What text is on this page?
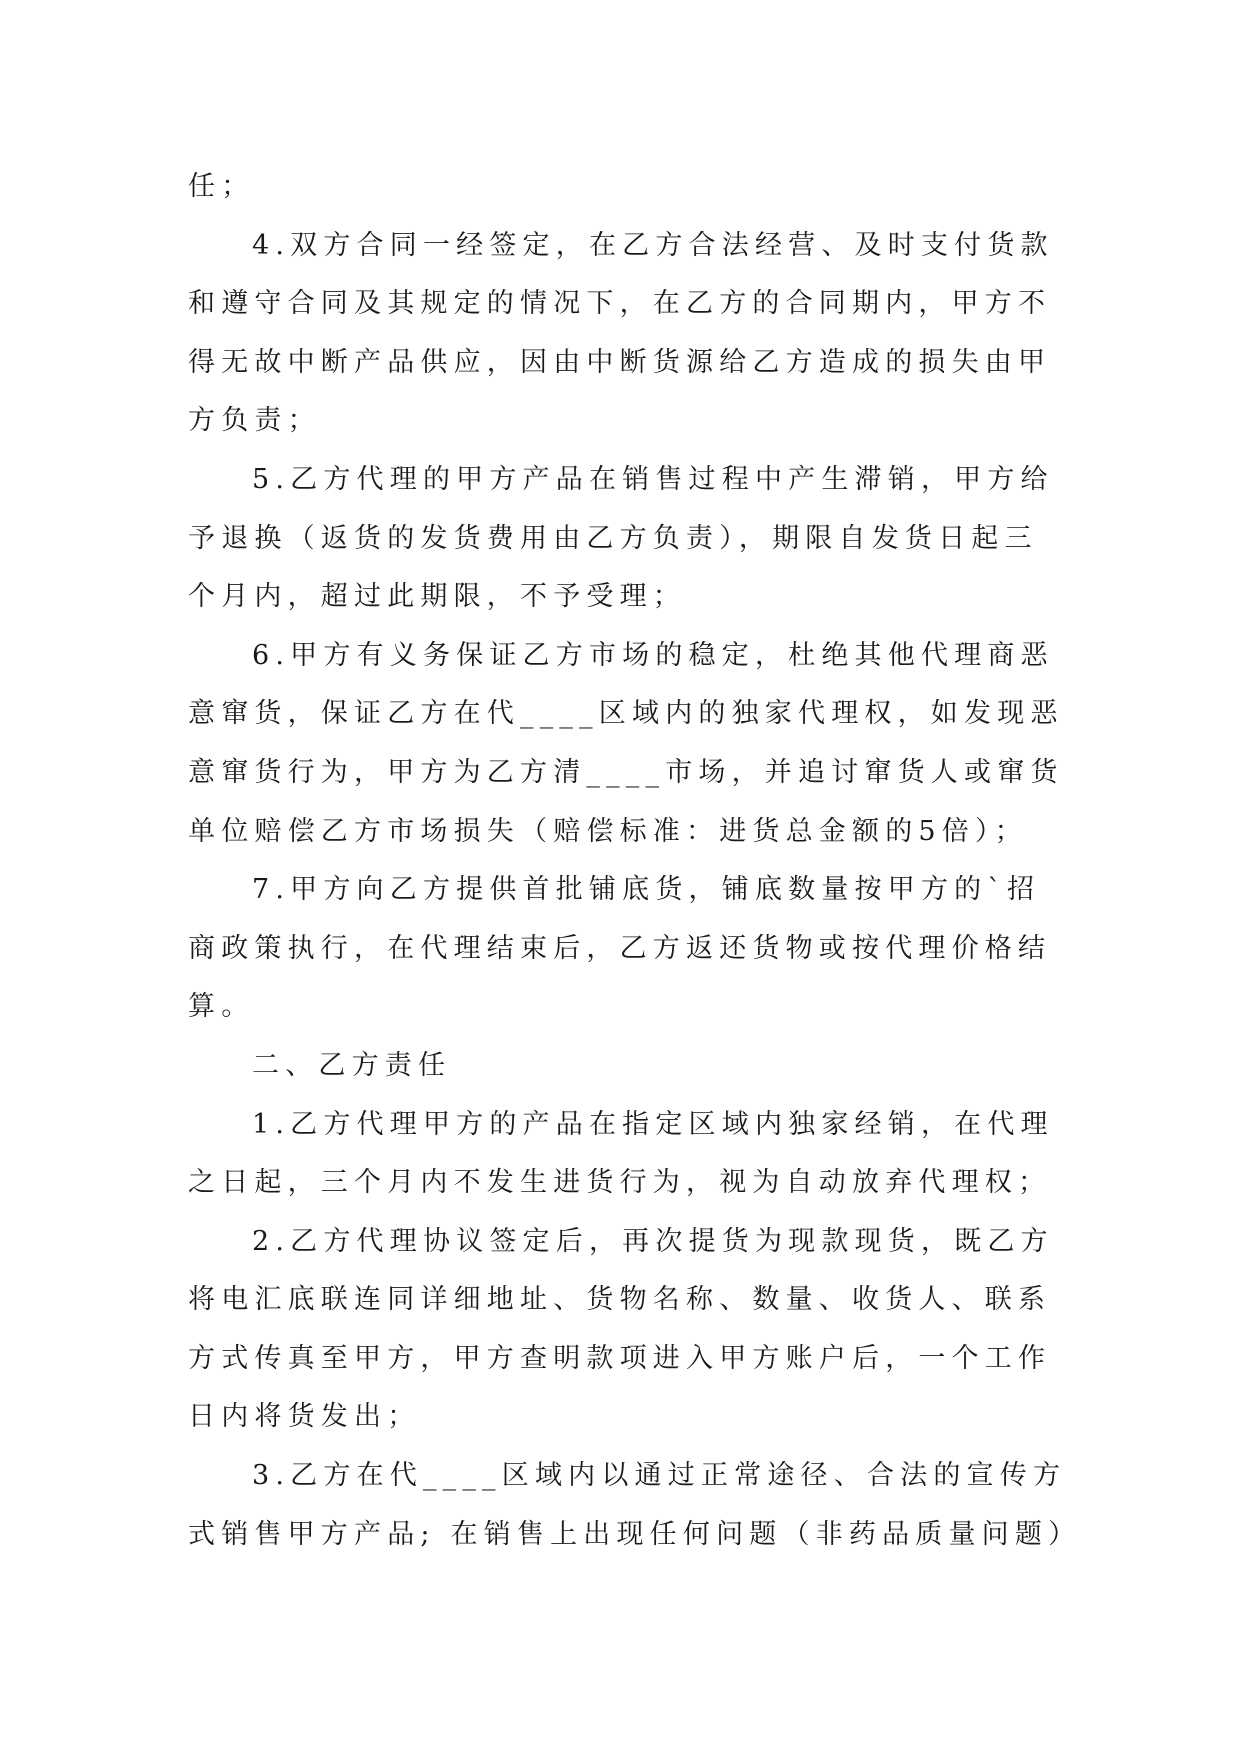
任；
4.双方合同一经签定，在乙方合法经营、及时支付货款
和遵守合同及其规定的情况下，在乙方的合同期内，甲方不
得无故中断产品供应，因由中断货源给乙方造成的损失由甲
方负责；
5.乙方代理的甲方产品在销售过程中产生滞销，甲方给
予退换（返货的发货费用由乙方负责），期限自发货日起三
个月内，超过此期限，不予受理；
6.甲方有义务保证乙方市场的稳定，杜绝其他代理商恶
意窜货，保证乙方在代____区域内的独家代理权，如发现恶
意窜货行为，甲方为乙方清____市场，并追讨窜货人或窜货
单位赔偿乙方市场损失（赔偿标准：进货总金额的5倍）；
7.甲方向乙方提供首批铺底货，铺底数量按甲方的`招
商政策执行，在代理结束后，乙方返还货物或按代理价格结
算。
二、乙方责任
1.乙方代理甲方的产品在指定区域内独家经销，在代理
之日起，三个月内不发生进货行为，视为自动放弃代理权；
2.乙方代理协议签定后，再次提货为现款现货，既乙方
将电汇底联连同详细地址、货物名称、数量、收货人、联系
方式传真至甲方，甲方查明款项进入甲方账户后，一个工作
日内将货发出；
3.乙方在代____区域内以通过正常途径、合法的宣传方
式销售甲方产品; 在销售上出现任何问题（非药品质量问题）
